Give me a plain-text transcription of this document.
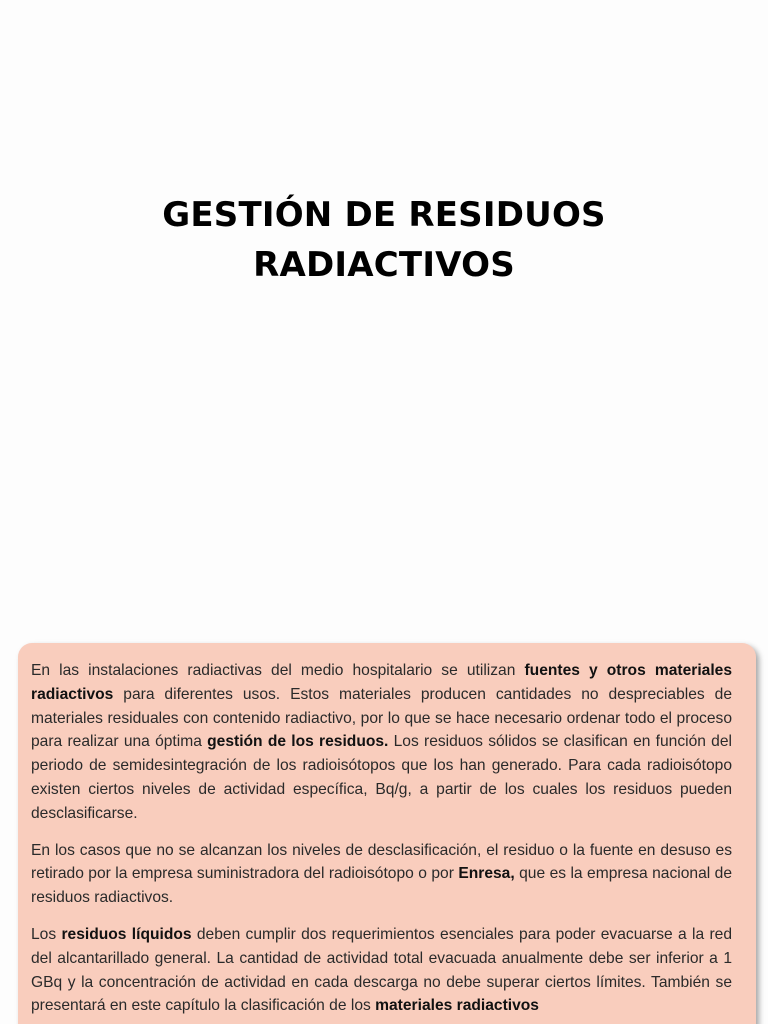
GESTIÓN DE RESIDUOS
RADIACTIVOS

En las instalaciones radiactivas del medio hospitalario se utilizan fuentes y otros materiales radiactivos para diferentes usos. Estos materiales producen cantidades no despreciables de materiales residuales con contenido radiactivo, por lo que se hace necesario ordenar todo el proceso para realizar una óptima gestión de los residuos. Los residuos sólidos se clasifican en función del periodo de semidesintegración de los radioisótopos que los han generado. Para cada radioisótopo existen ciertos niveles de actividad específica, Bq/g, a partir de los cuales los residuos pueden desclasificarse.

En los casos que no se alcanzan los niveles de desclasificación, el residuo o la fuente en desuso es retirado por la empresa suministradora del radioisótopo o por Enresa, que es la empresa nacional de residuos radiactivos.

Los residuos líquidos deben cumplir dos requerimientos esenciales para poder evacuarse a la red del alcantarillado general. La cantidad de actividad total evacuada anualmente debe ser inferior a 1 GBq y la concentración de actividad en cada descarga no debe superar ciertos límites. También se presentará en este capítulo la clasificación de los materiales radiactivos
